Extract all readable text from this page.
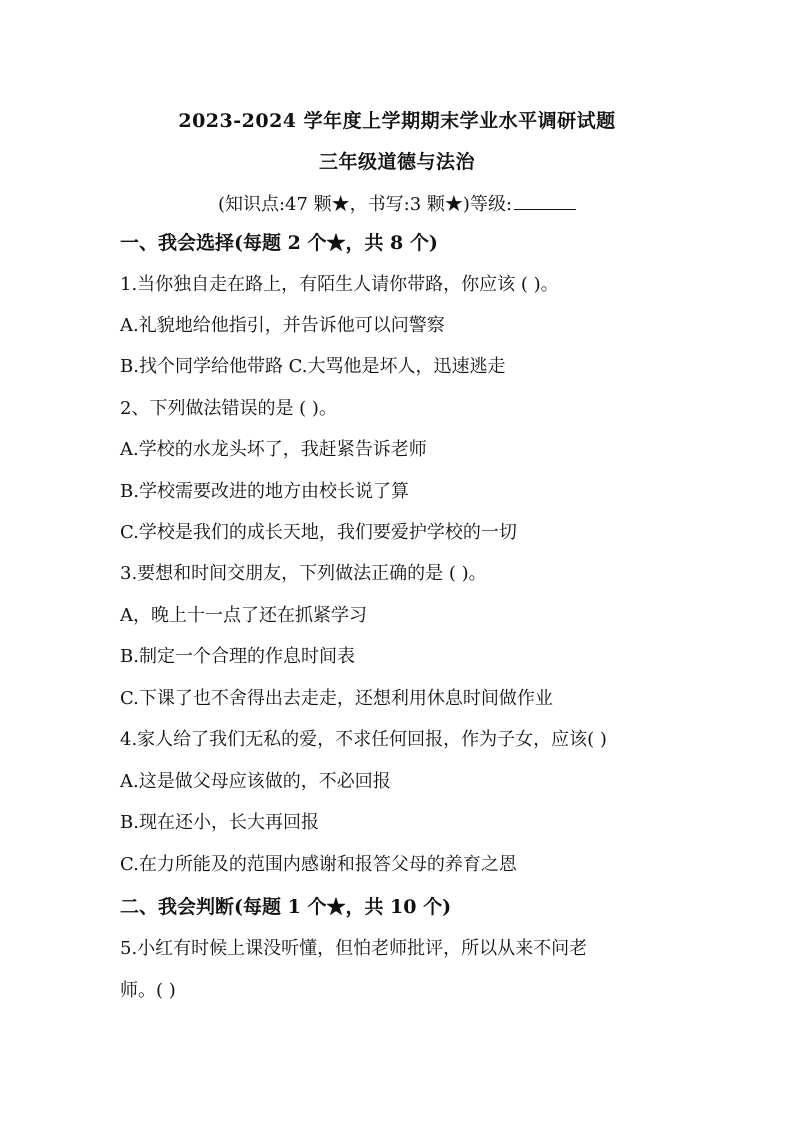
2023-2024 学年度上学期期末学业水平调研试题
三年级道德与法治
(知识点:47 颗★，书写:3 颗★)等级:
一、我会选择(每题 2 个★，共 8 个)
1.当你独自走在路上，有陌生人请你带路，你应该 ( )。
A.礼貌地给他指引，并告诉他可以问警察
B.找个同学给他带路 C.大骂他是坏人，迅速逃走
2、下列做法错误的是 ( )。
A.学校的水龙头坏了，我赶紧告诉老师
B.学校需要改进的地方由校长说了算
C.学校是我们的成长天地，我们要爱护学校的一切
3.要想和时间交朋友，下列做法正确的是 ( )。
A，晚上十一点了还在抓紧学习
B.制定一个合理的作息时间表
C.下课了也不舍得出去走走，还想利用休息时间做作业
4.家人给了我们无私的爱，不求任何回报，作为子女，应该( )
A.这是做父母应该做的，不必回报
B.现在还小，长大再回报
C.在力所能及的范围内感谢和报答父母的养育之恩
二、我会判断(每题 1 个★，共 10 个)
5.小红有时候上课没听懂，但怕老师批评，所以从来不问老
师。( )
